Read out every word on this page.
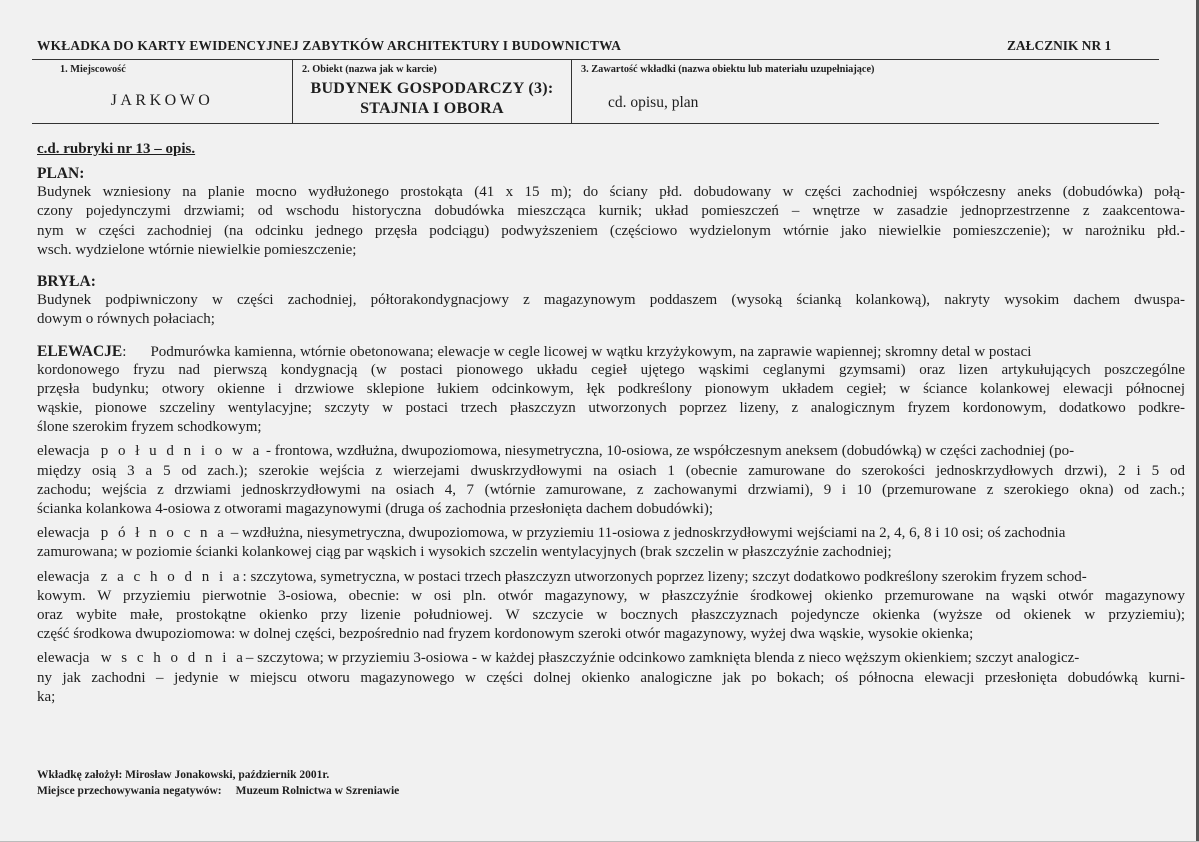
WKŁADKA DO KARTY EWIDENCYJNEJ ZABYTKÓW ARCHITEKTURY I BUDOWNICTWA	ZAŁCZNIK NR 1
1. Miejscowość
JARKOWO
2. Obiekt (nazwa jak w karcie)
BUDYNEK GOSPODARCZY (3):
STAJNIA I OBORA
3. Zawartość wkładki (nazwa obiektu lub materiału uzupełniające)
cd. opisu, plan
c.d. rubryki nr 13 – opis.
PLAN:
Budynek wzniesiony na planie mocno wydłużonego prostokąta (41 x 15 m); do ściany płd. dobudowany w części zachodniej współczesny aneks (dobudówka) połą-
czony pojedynczymi drzwiami; od wschodu historyczna dobudówka mieszcząca kurnik; układ pomieszczeń – wnętrze w zasadzie jednoprzestrzenne z zaakcentowa-
nym w części zachodniej (na odcinku jednego przęsła podciągu) podwyższeniem (częściowo wydzielonym wtórnie jako niewielkie pomieszczenie); w narożniku płd.-
wsch. wydzielone wtórnie niewielkie pomieszczenie;
BRYŁA:
Budynek podpiwniczony w części zachodniej, półtorakondygnacjowy z magazynowym poddaszem (wysoką ścianką kolankową), nakryty wysokim dachem dwuspa-
dowym o równych połaciach;
ELEWACJE: Podmurówka kamienna, wtórnie obetonowana; elewacje w cegle licowej w wątku krzyżykowym, na zaprawie wapiennej; skromny detal w postaci
kordonowego fryzu nad pierwszą kondygnacją (w postaci pionowego układu cegieł ujętego wąskimi ceglanymi gzymsami) oraz lizen artykułujących poszczególne
przęsła budynku; otwory okienne i drzwiowe sklepione łukiem odcinkowym, łęk podkreślony pionowym układem cegieł; w ściance kolankowej elewacji północnej
wąskie, pionowe szczeliny wentylacyjne; szczyty w postaci trzech płaszczyzn utworzonych poprzez lizeny, z analogicznym fryzem kordonowym, dodatkowo podkre-
ślone szerokim fryzem schodkowym;
elewacja p o ł u d n i o w a - frontowa, wzdłużna, dwupoziomowa, niesymetryczna, 10-osiowa, ze współczesnym aneksem (dobudówką) w części zachodniej (po-
między osią 3 a 5 od zach.); szerokie wejścia z wierzejami dwuskrzydłowymi na osiach 1 (obecnie zamurowane do szerokości jednoskrzydłowych drzwi), 2 i 5 od
zachodu; wejścia z drzwiami jednoskrzydłowymi na osiach 4, 7 (wtórnie zamurowane, z zachowanymi drzwiami), 9 i 10 (przemurowane z szerokiego okna) od zach.;
ścianka kolankowa 4-osiowa z otworami magazynowymi (druga oś zachodnia przesłonięta dachem dobudówki);
elewacja p ó ł n o c n a – wzdłużna, niesymetryczna, dwupoziomowa, w przyziemiu 11-osiowa z jednoskrzydłowymi wejściami na 2, 4, 6, 8 i 10 osi; oś zachodnia
zamurowana; w poziomie ścianki kolankowej ciąg par wąskich i wysokich szczelin wentylacyjnych (brak szczelin w płaszczyźnie zachodniej;
elewacja z a c h o d n i a: szczytowa, symetryczna, w postaci trzech płaszczyzn utworzonych poprzez lizeny; szczyt dodatkowo podkreślony szerokim fryzem schod-
kowym. W przyziemiu pierwotnie 3-osiowa, obecnie: w osi pln. otwór magazynowy, w płaszczyźnie środkowej okienko przemurowane na wąski otwór magazynowy
oraz wybite małe, prostokątne okienko przy lizenie południowej. W szczycie w bocznych płaszczyznach pojedyncze okienka (wyższe od okienek w przyziemiu);
część środkowa dwupoziomowa: w dolnej części, bezpośrednio nad fryzem kordonowym szeroki otwór magazynowy, wyżej dwa wąskie, wysokie okienka;
elewacja w s c h o d n i a– szczytowa; w przyziemiu 3-osiowa - w każdej płaszczyźnie odcinkowo zamknięta blenda z nieco węższym okienkiem; szczyt analogicz-
ny jak zachodni – jedynie w miejscu otworu magazynowego w części dolnej okienko analogiczne jak po bokach; oś północna elewacji przesłonięta dobudówką kurni-
ka;
Wkładkę założył: Mirosław Jonakowski, październik 2001r.
Miejsce przechowywania negatywów: Muzeum Rolnictwa w Szreniawie
